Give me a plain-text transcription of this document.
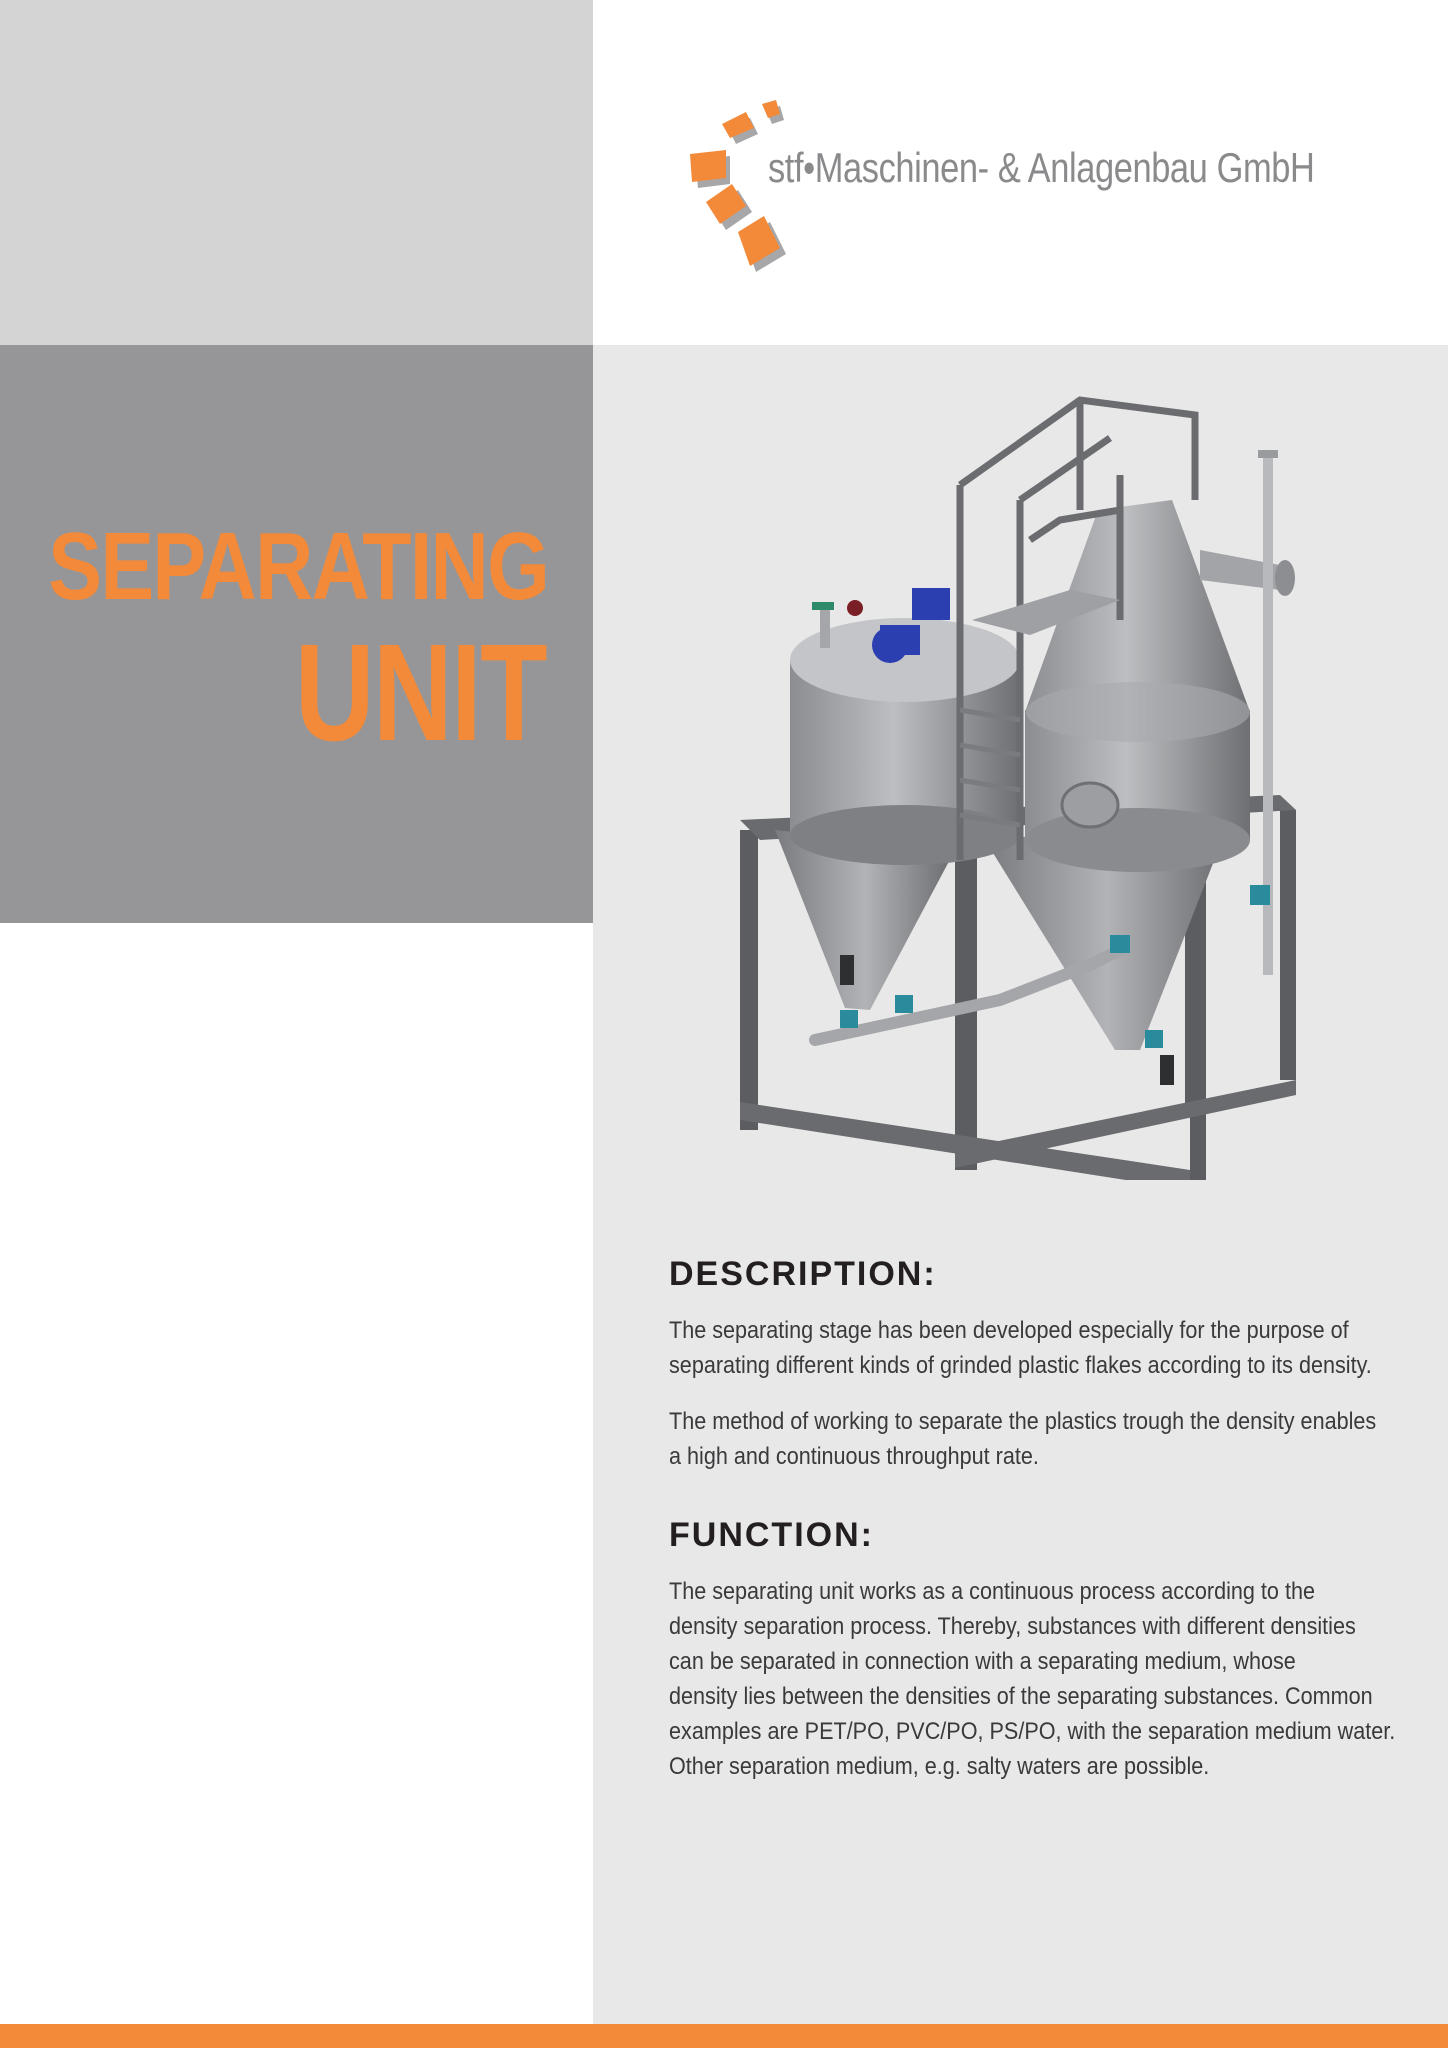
stf•Maschinen- & Anlagenbau GmbH
SEPARATING
UNIT
DESCRIPTION:
The separating stage has been developed especially for the purpose of
separating different kinds of grinded plastic flakes according to its density.
The method of working to separate the plastics trough the density enables
a high and continuous throughput rate.
FUNCTION:
The separating unit works as a continuous process according to the
density separation process. Thereby, substances with different densities
can be separated in connection with a separating medium, whose
density lies between the densities of the separating substances. Common
examples are PET/PO, PVC/PO, PS/PO, with the separation medium water.
Other separation medium, e.g. salty waters are possible.
